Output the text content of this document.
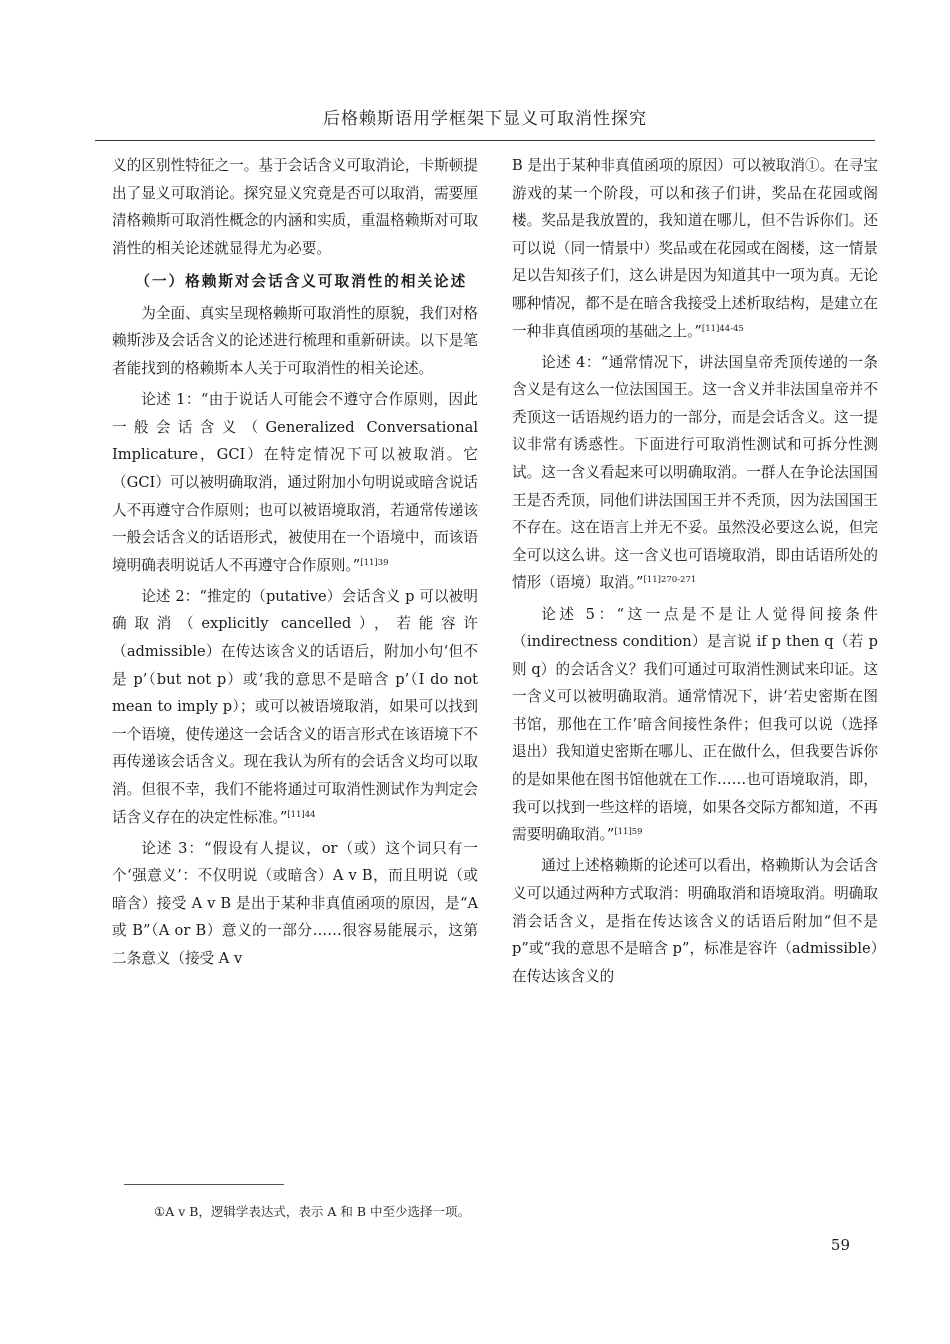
后格赖斯语用学框架下显义可取消性探究

义的区别性特征之一。基于会话含义可取消论，卡斯顿提出了显义可取消论。探究显义究竟是否可以取消，需要厘清格赖斯可取消性概念的内涵和实质，重温格赖斯对可取消性的相关论述就显得尤为必要。

（一）格赖斯对会话含义可取消性的相关论述

为全面、真实呈现格赖斯可取消性的原貌，我们对格赖斯涉及会话含义的论述进行梳理和重新研读。以下是笔者能找到的格赖斯本人关于可取消性的相关论述。

论述 1：“由于说话人可能会不遵守合作原则，因此一般会话含义（Generalized Conversational Implicature，GCI）在特定情况下可以被取消。它（GCI）可以被明确取消，通过附加小句明说或暗含说话人不再遵守合作原则；也可以被语境取消，若通常传递该一般会话含义的话语形式，被使用在一个语境中，而该语境明确表明说话人不再遵守合作原则。”$^{[11]39}$

论述 2：“推定的（putative）会话含义 p 可以被明确取消（explicitly cancelled），若能容许（admissible）在传达该含义的话语后，附加小句‘但不是 p’（but not p）或‘我的意思不是暗含 p’（I do not mean to imply p）；或可以被语境取消，如果可以找到一个语境，使传递这一会话含义的语言形式在该语境下不再传递该会话含义。现在我认为所有的会话含义均可以取消。但很不幸，我们不能将通过可取消性测试作为判定会话含义存在的决定性标准。”$^{[11]44}$

论述 3：“假设有人提议，or（或）这个词只有一个‘强意义’：不仅明说（或暗含）A v B，而且明说（或暗含）接受 A v B 是出于某种非真值函项的原因，是“A 或 B”（A or B）意义的一部分……很容易能展示，这第二条意义（接受 A v

B 是出于某种非真值函项的原因）可以被取消①。在寻宝游戏的某一个阶段，可以和孩子们讲，奖品在花园或阁楼。奖品是我放置的，我知道在哪儿，但不告诉你们。还可以说（同一情景中）奖品或在花园或在阁楼，这一情景足以告知孩子们，这么讲是因为知道其中一项为真。无论哪种情况，都不是在暗含我接受上述析取结构，是建立在一种非真值函项的基础之上。”$^{[11]44-45}$

论述 4：“通常情况下，讲法国皇帝秃顶传递的一条含义是有这么一位法国国王。这一含义并非法国皇帝并不秃顶这一话语规约语力的一部分，而是会话含义。这一提议非常有诱惑性。下面进行可取消性测试和可拆分性测试。这一含义看起来可以明确取消。一群人在争论法国国王是否秃顶，同他们讲法国国王并不秃顶，因为法国国王不存在。这在语言上并无不妥。虽然没必要这么说，但完全可以这么讲。这一含义也可语境取消，即由话语所处的情形（语境）取消。”$^{[11]270-271}$

论述 5：“这一点是不是让人觉得间接条件（indirectness condition）是言说 if p then q（若 p 则 q）的会话含义？我们可通过可取消性测试来印证。这一含义可以被明确取消。通常情况下，讲‘若史密斯在图书馆，那他在工作’暗含间接性条件；但我可以说（选择退出）我知道史密斯在哪儿、正在做什么，但我要告诉你的是如果他在图书馆他就在工作……也可语境取消，即，我可以找到一些这样的语境，如果各交际方都知道，不再需要明确取消。”$^{[11]59}$

通过上述格赖斯的论述可以看出，格赖斯认为会话含义可以通过两种方式取消：明确取消和语境取消。明确取消会话含义，是指在传达该含义的话语后附加“但不是 p”或“我的意思不是暗含 p”，标准是容许（admissible）在传达该含义的

①A v B，逻辑学表达式，表示 A 和 B 中至少选择一项。
59
